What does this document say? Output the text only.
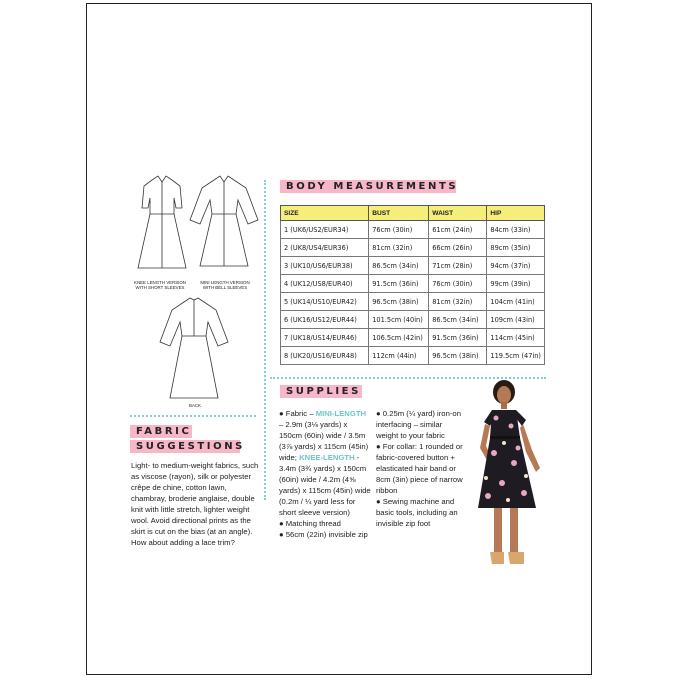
KNEE LENGTH VERSION WITH SHORT SLEEVES
MINI LENGTH VERSION WITH BELL SLEEVES
BACK
BODY MEASUREMENTS
SIZE	BUST	WAIST	HIP
1 (UK6/US2/EUR34)	76cm (30in)	61cm (24in)	84cm (33in)
2 (UK8/US4/EUR36)	81cm (32in)	66cm (26in)	89cm (35in)
3 (UK10/US6/EUR38)	86.5cm (34in)	71cm (28in)	94cm (37in)
4 (UK12/US8/EUR40)	91.5cm (36in)	76cm (30in)	99cm (39in)
5 (UK14/US10/EUR42)	96.5cm (38in)	81cm (32in)	104cm (41in)
6 (UK16/US12/EUR44)	101.5cm (40in)	86.5cm (34in)	109cm (43in)
7 (UK18/US14/EUR46)	106.5cm (42in)	91.5cm (36in)	114cm (45in)
8 (UK20/US16/EUR48)	112cm (44in)	96.5cm (38in)	119.5cm (47in)
SUPPLIES
● Fabric – MINI-LENGTH – 2.9m (3⅛ yards) x 150cm (60in) wide / 3.5m (3⅞ yards) x 115cm (45in) wide; KNEE-LENGTH - 3.4m (3¾ yards) x 150cm (60in) wide / 4.2m (4⅝ yards) x 115cm (45in) wide (0.2m / ¼ yard less for short sleeve version)
● Matching thread
● 56cm (22in) invisible zip
● 0.25m (¼ yard) iron-on interfacing – similar weight to your fabric
● For collar: 1 rounded or fabric-covered button + elasticated hair band or 8cm (3in) piece of narrow ribbon
● Sewing machine and basic tools, including an invisible zip foot
FABRIC
SUGGESTIONS
Light- to medium-weight fabrics, such as viscose (rayon), silk or polyester crêpe de chine, cotton lawn, chambray, broderie anglaise, double knit with little stretch, lighter weight wool. Avoid directional prints as the skirt is cut on the bias (at an angle). How about adding a lace trim?
